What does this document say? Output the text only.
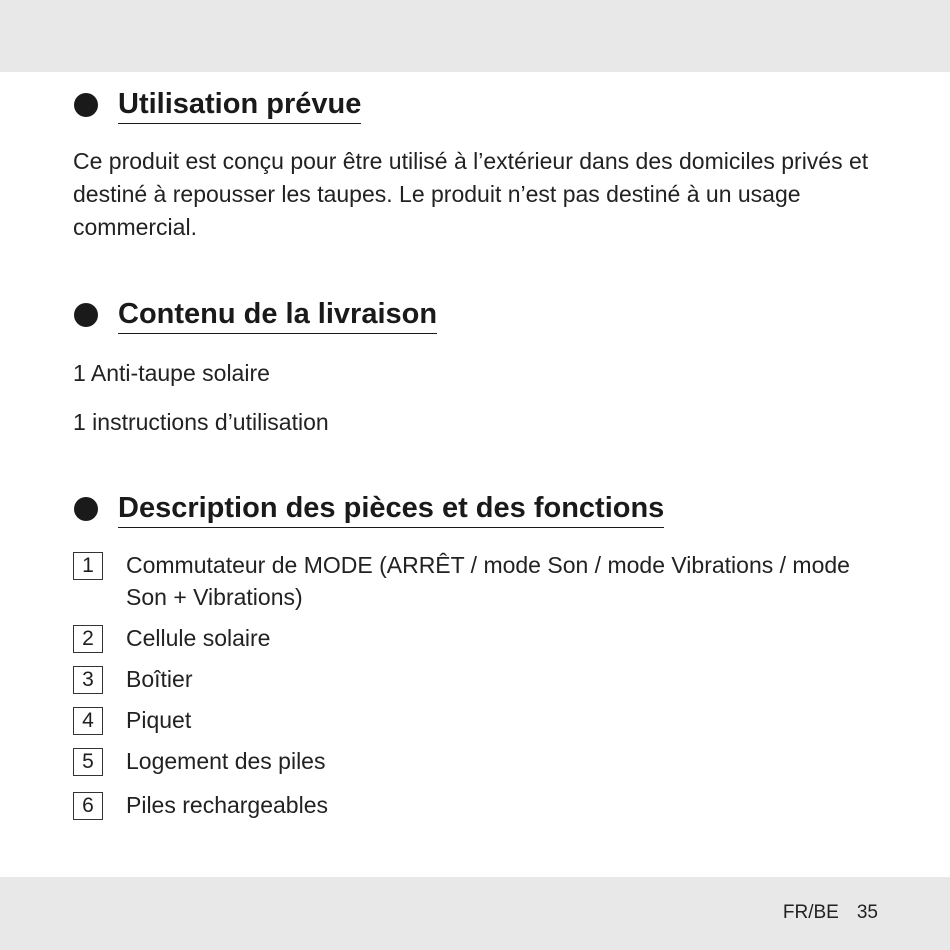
Utilisation prévue

Ce produit est conçu pour être utilisé à l’extérieur dans des domiciles privés et destiné à repousser les taupes. Le produit n’est pas destiné à un usage commercial.

Contenu de la livraison
1 Anti-taupe solaire
1 instructions d’utilisation
Description des pièces et des fonctions
1	Commutateur de MODE (ARRÊT / mode Son / mode Vibrations / mode Son + Vibrations)
2	Cellule solaire
3	Boîtier
4	Piquet
5	Logement des piles
6	Piles rechargeables
FR/BE 35
